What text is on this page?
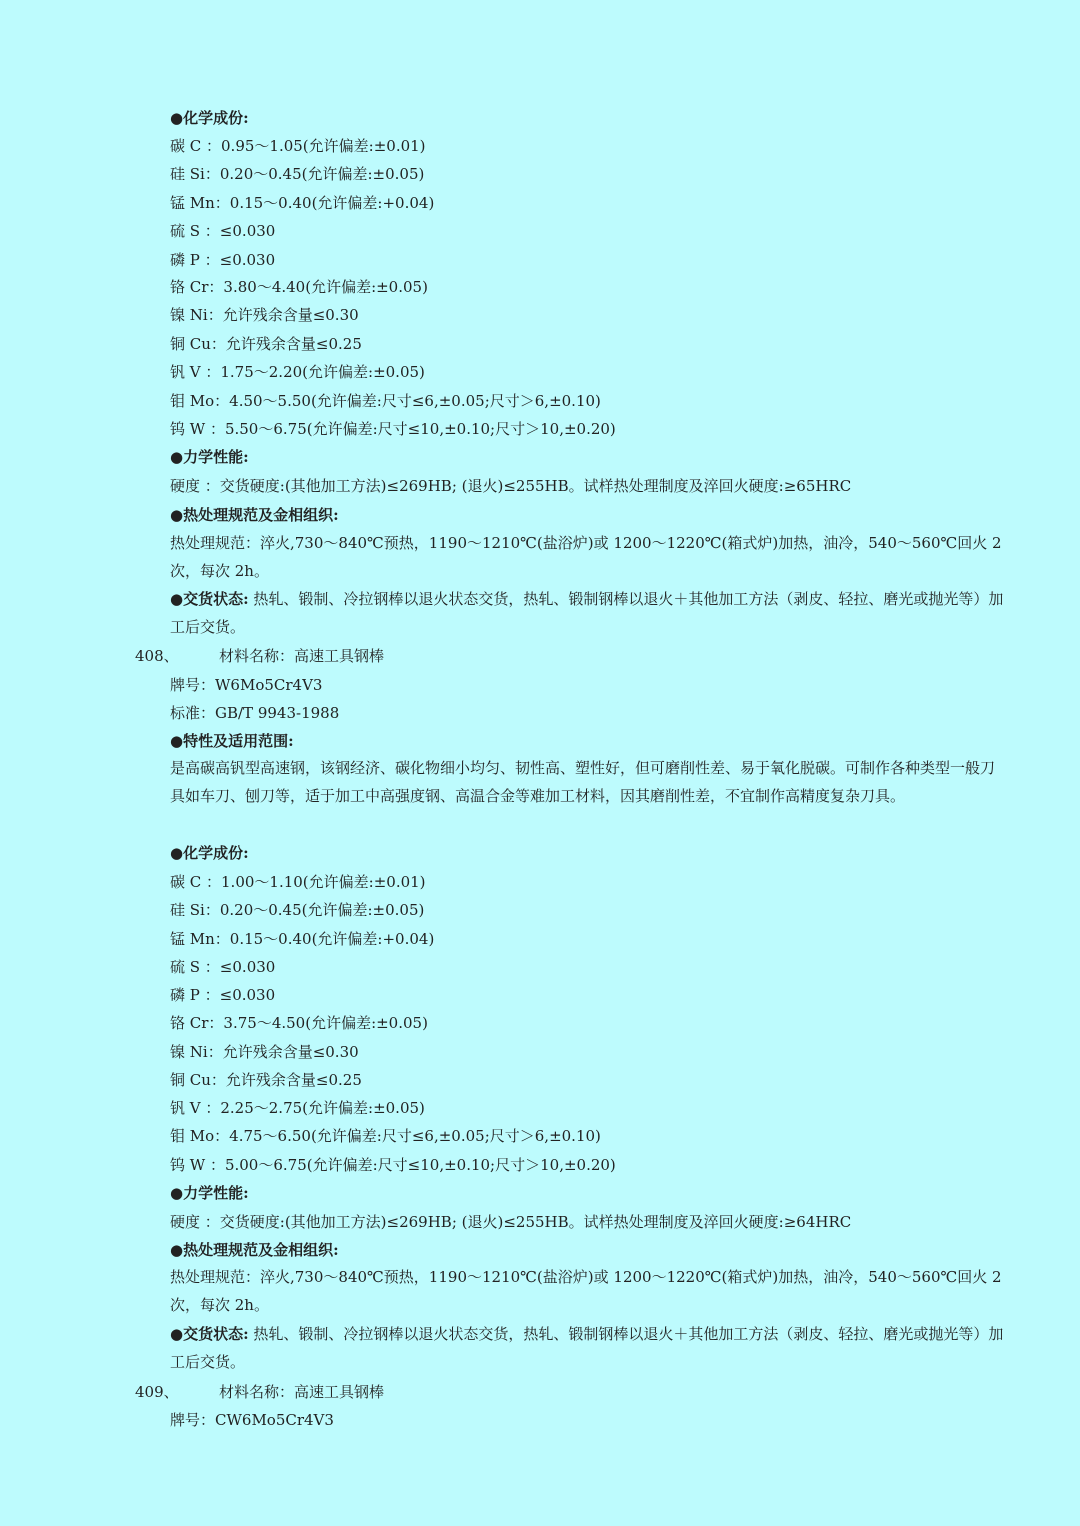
●化学成份:
碳 C ：0.95～1.05(允许偏差:±0.01)
硅 Si：0.20～0.45(允许偏差:±0.05)
锰 Mn：0.15～0.40(允许偏差:+0.04)
硫 S ：≤0.030
磷 P ：≤0.030
铬 Cr：3.80～4.40(允许偏差:±0.05)
镍 Ni：允许残余含量≤0.30
铜 Cu：允许残余含量≤0.25
钒 V ：1.75～2.20(允许偏差:±0.05)
钼 Mo：4.50～5.50(允许偏差:尺寸≤6,±0.05;尺寸＞6,±0.10)
钨 W ：5.50～6.75(允许偏差:尺寸≤10,±0.10;尺寸＞10,±0.20)
●力学性能:
硬度 ：交货硬度:(其他加工方法)≤269HB; (退火)≤255HB。试样热处理制度及淬回火硬度:≥65HRC
●热处理规范及金相组织:
热处理规范：淬火,730～840℃预热，1190～1210℃(盐浴炉)或 1200～1220℃(箱式炉)加热，油冷，540～560℃回火 2次，每次 2h。
●交货状态: 热轧、锻制、冷拉钢棒以退火状态交货，热轧、锻制钢棒以退火＋其他加工方法（剥皮、轻拉、磨光或抛光等）加工后交货。
408、	材料名称：高速工具钢棒
牌号：W6Mo5Cr4V3
标准：GB/T 9943-1988
●特性及适用范围:
是高碳高钒型高速钢，该钢经济、碳化物细小均匀、韧性高、塑性好，但可磨削性差、易于氧化脱碳。可制作各种类型一般刀具如车刀、刨刀等，适于加工中高强度钢、高温合金等难加工材料，因其磨削性差，不宜制作高精度复杂刀具。
●化学成份:
碳 C ：1.00～1.10(允许偏差:±0.01)
硅 Si：0.20～0.45(允许偏差:±0.05)
锰 Mn：0.15～0.40(允许偏差:+0.04)
硫 S ：≤0.030
磷 P ：≤0.030
铬 Cr：3.75～4.50(允许偏差:±0.05)
镍 Ni：允许残余含量≤0.30
铜 Cu：允许残余含量≤0.25
钒 V ：2.25～2.75(允许偏差:±0.05)
钼 Mo：4.75～6.50(允许偏差:尺寸≤6,±0.05;尺寸＞6,±0.10)
钨 W ：5.00～6.75(允许偏差:尺寸≤10,±0.10;尺寸＞10,±0.20)
●力学性能:
硬度 ：交货硬度:(其他加工方法)≤269HB; (退火)≤255HB。试样热处理制度及淬回火硬度:≥64HRC
●热处理规范及金相组织:
热处理规范：淬火,730～840℃预热，1190～1210℃(盐浴炉)或 1200～1220℃(箱式炉)加热，油冷，540～560℃回火 2次，每次 2h。
●交货状态: 热轧、锻制、冷拉钢棒以退火状态交货，热轧、锻制钢棒以退火＋其他加工方法（剥皮、轻拉、磨光或抛光等）加工后交货。
409、	材料名称：高速工具钢棒
牌号：CW6Mo5Cr4V3
